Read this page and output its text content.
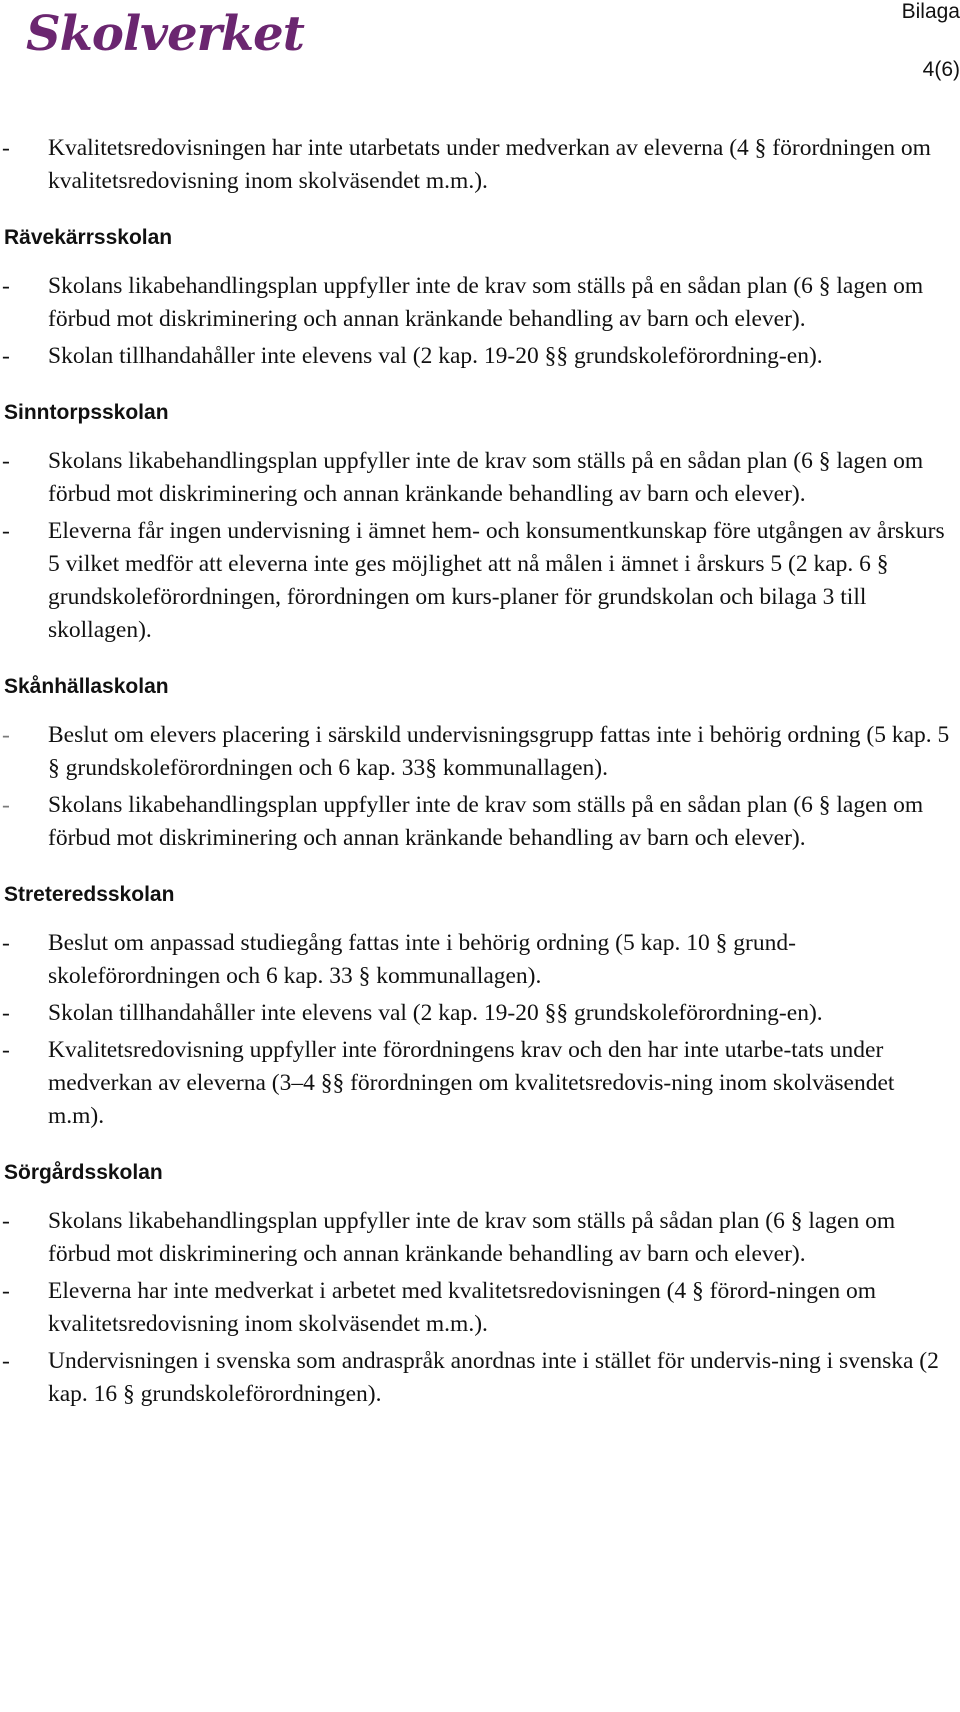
Skolverket	Bilaga
4(6)
- Kvalitetsredovisningen har inte utarbetats under medverkan av eleverna (4 § förordningen om kvalitetsredovisning inom skolväsendet m.m.).
Rävekärrsskolan
- Skolans likabehandlingsplan uppfyller inte de krav som ställs på en sådan plan (6 § lagen om förbud mot diskriminering och annan kränkande behandling av barn och elever).
- Skolan tillhandahåller inte elevens val (2 kap. 19-20 §§ grundskoleförordning-en).
Sinntorpsskolan
- Skolans likabehandlingsplan uppfyller inte de krav som ställs på en sådan plan (6 § lagen om förbud mot diskriminering och annan kränkande behandling av barn och elever).
- Eleverna får ingen undervisning i ämnet hem- och konsumentkunskap före utgången av årskurs 5 vilket medför att eleverna inte ges möjlighet att nå målen i ämnet i årskurs 5 (2 kap. 6 § grundskoleförordningen, förordningen om kurs-planer för grundskolan och bilaga 3 till skollagen).
Skånhällaskolan
- Beslut om elevers placering i särskild undervisningsgrupp fattas inte i behörig ordning (5 kap. 5 § grundskoleförordningen och 6 kap. 33§ kommunallagen).
- Skolans likabehandlingsplan uppfyller inte de krav som ställs på en sådan plan (6 § lagen om förbud mot diskriminering och annan kränkande behandling av barn och elever).
Streteredsskolan
- Beslut om anpassad studiegång fattas inte i behörig ordning (5 kap. 10 § grund-skoleförordningen och 6 kap. 33 § kommunallagen).
- Skolan tillhandahåller inte elevens val (2 kap. 19-20 §§ grundskoleförordning-en).
- Kvalitetsredovisning uppfyller inte förordningens krav och den har inte utarbe-tats under medverkan av eleverna (3–4 §§ förordningen om kvalitetsredovis-ning inom skolväsendet m.m).
Sörgårdsskolan
- Skolans likabehandlingsplan uppfyller inte de krav som ställs på sådan plan (6 § lagen om förbud mot diskriminering och annan kränkande behandling av barn och elever).
- Eleverna har inte medverkat i arbetet med kvalitetsredovisningen (4 § förord-ningen om kvalitetsredovisning inom skolväsendet m.m.).
- Undervisningen i svenska som andraspråk anordnas inte i stället för undervis-ning i svenska (2 kap. 16 § grundskoleförordningen).
